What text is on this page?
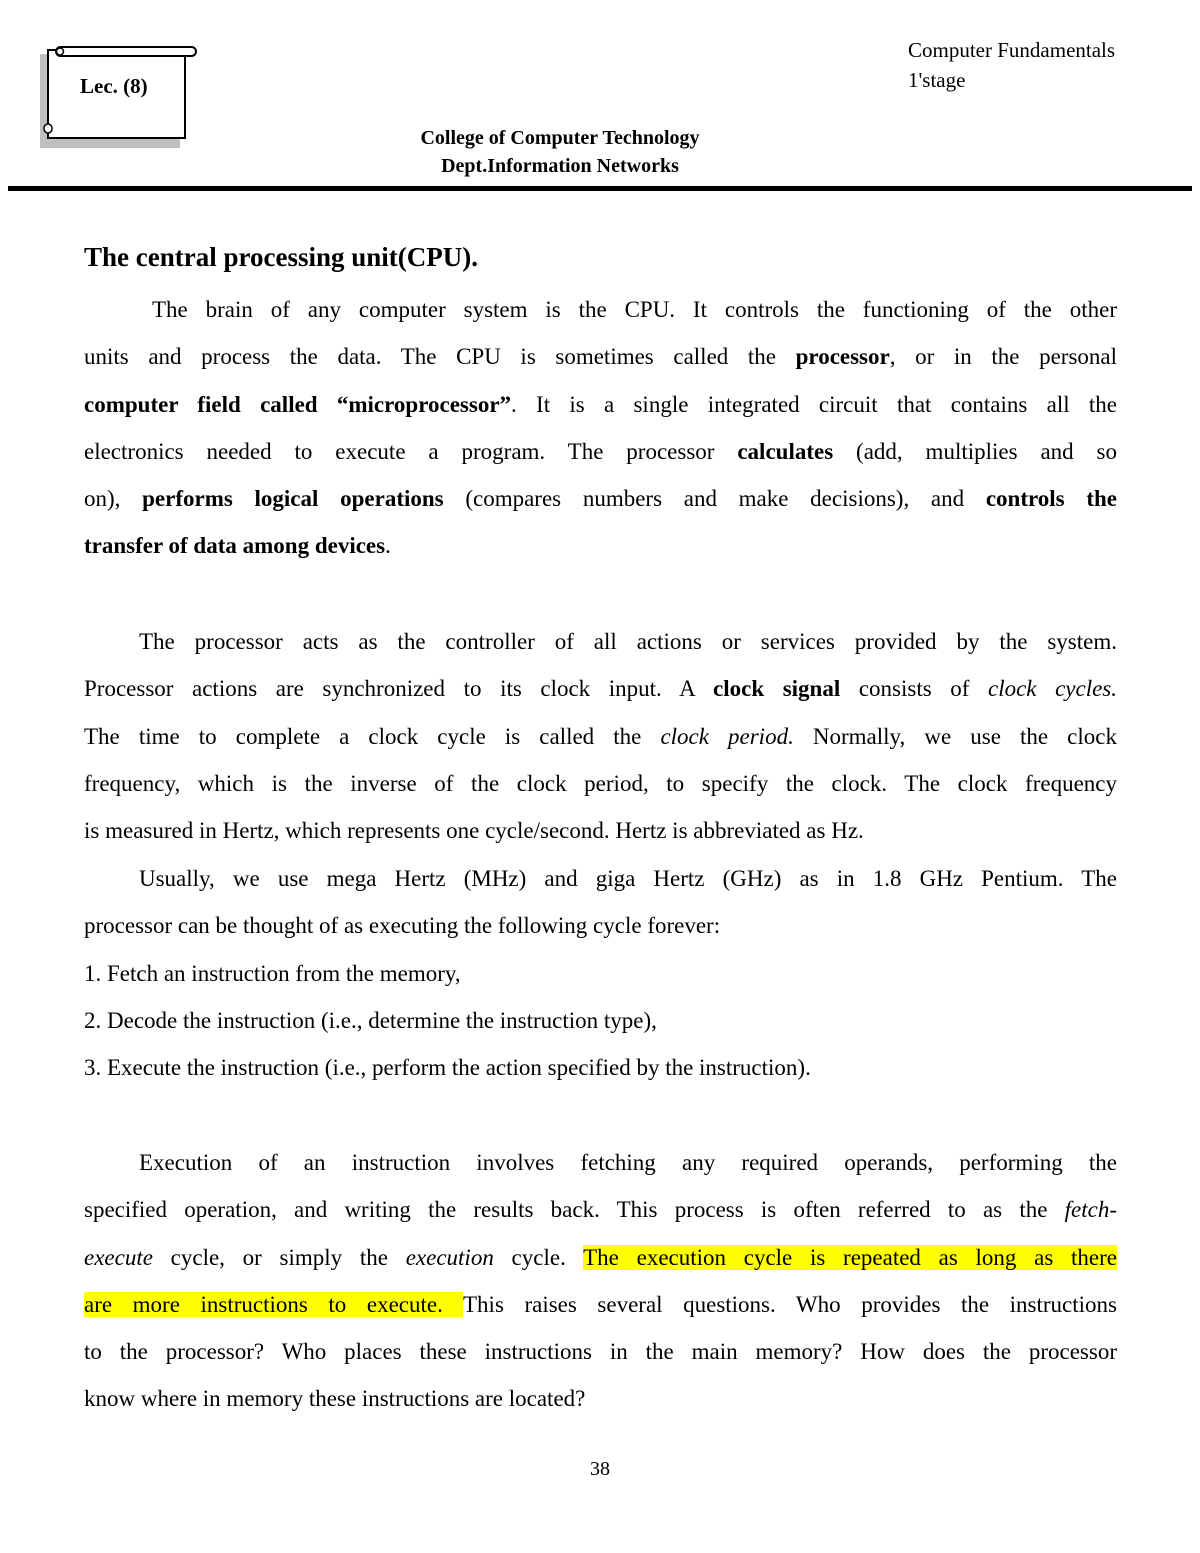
Lec. (8)
Computer Fundamentals
1'stage
College of Computer Technology
Dept.Information Networks
The central processing unit(CPU).
The brain of any computer system is the CPU. It controls the functioning of the other
units and process the data. The CPU is sometimes called the processor, or in the personal
computer field called “microprocessor”. It is a single integrated circuit that contains all the
electronics needed to execute a program. The processor calculates (add, multiplies and so
on), performs logical operations (compares numbers and make decisions), and controls the
transfer of data among devices.
The processor acts as the controller of all actions or services provided by the system.
Processor actions are synchronized to its clock input. A clock signal consists of clock cycles.
The time to complete a clock cycle is called the clock period. Normally, we use the clock
frequency, which is the inverse of the clock period, to specify the clock. The clock frequency
is measured in Hertz, which represents one cycle/second. Hertz is abbreviated as Hz.
Usually, we use mega Hertz (MHz) and giga Hertz (GHz) as in 1.8 GHz Pentium. The
processor can be thought of as executing the following cycle forever:
1. Fetch an instruction from the memory,
2. Decode the instruction (i.e., determine the instruction type),
3. Execute the instruction (i.e., perform the action specified by the instruction).
Execution of an instruction involves fetching any required operands, performing the
specified operation, and writing the results back. This process is often referred to as the fetch-
execute cycle, or simply the execution cycle. The execution cycle is repeated as long as there
are more instructions to execute. This raises several questions. Who provides the instructions
to the processor? Who places these instructions in the main memory? How does the processor
know where in memory these instructions are located?
38
